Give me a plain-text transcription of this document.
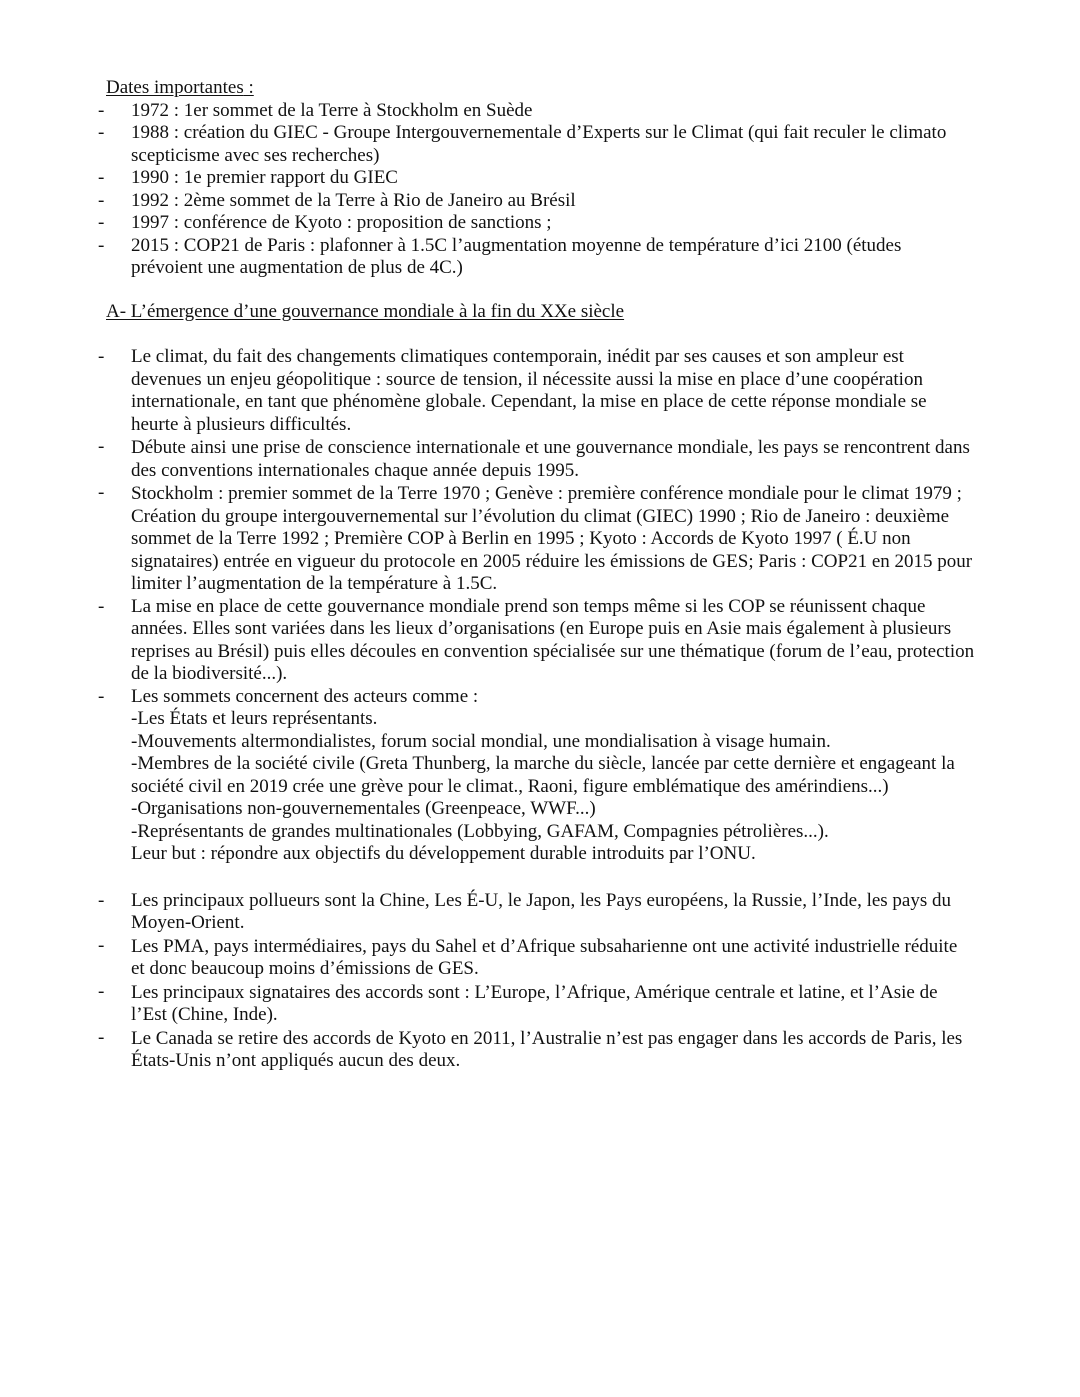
Dates importantes :
- 1972 : 1er sommet de la Terre à Stockholm en Suède
- 1988 : création du GIEC - Groupe Intergouvernementale d’Experts sur le Climat (qui fait reculer le climato scepticisme avec ses recherches)
- 1990 : 1e premier rapport du GIEC
- 1992 : 2ème sommet de la Terre à Rio de Janeiro au Brésil
- 1997 : conférence de Kyoto : proposition de sanctions ;
- 2015 : COP21 de Paris : plafonner à 1.5C l’augmentation moyenne de température d’ici 2100 (études prévoient une augmentation de plus de 4C.)
A- L’émergence d’une gouvernance mondiale à la fin du XXe siècle
- Le climat, du fait des changements climatiques contemporain, inédit par ses causes et son ampleur est devenues un enjeu géopolitique : source de tension, il nécessite aussi la mise en place d’une coopération internationale, en tant que phénomène globale. Cependant, la mise en place de cette réponse mondiale se heurte à plusieurs difficultés.
- Débute ainsi une prise de conscience internationale et une gouvernance mondiale, les pays se rencontrent dans des conventions internationales chaque année depuis 1995.
- Stockholm : premier sommet de la Terre 1970 ; Genève : première conférence mondiale pour le climat 1979 ; Création du groupe intergouvernemental sur l’évolution du climat (GIEC) 1990 ; Rio de Janeiro : deuxième sommet de la Terre 1992 ; Première COP à Berlin en 1995 ; Kyoto : Accords de Kyoto 1997 ( É.U non signataires) entrée en vigueur du protocole en 2005 réduire les émissions de GES; Paris : COP21 en 2015 pour limiter l’augmentation de la température à 1.5C.
- La mise en place de cette gouvernance mondiale prend son temps même si les COP se réunissent chaque années. Elles sont variées dans les lieux d’organisations (en Europe puis en Asie mais également à plusieurs reprises au Brésil) puis elles découles en convention spécialisée sur une thématique (forum de l’eau, protection de la biodiversité...).
- Les sommets concernent des acteurs comme :
-Les États et leurs représentants.
-Mouvements altermondialistes, forum social mondial, une mondialisation à visage humain.
-Membres de la société civile (Greta Thunberg, la marche du siècle, lancée par cette dernière et engageant la société civil en 2019 crée une grève pour le climat., Raoni, figure emblématique des amérindiens...)
-Organisations non-gouvernementales (Greenpeace, WWF...)
-Représentants de grandes multinationales (Lobbying, GAFAM, Compagnies pétrolières...).
Leur but : répondre aux objectifs du développement durable introduits par l’ONU.
- Les principaux pollueurs sont la Chine, Les É-U, le Japon, les Pays européens, la Russie, l’Inde, les pays du Moyen-Orient.
- Les PMA, pays intermédiaires, pays du Sahel et d’Afrique subsaharienne ont une activité industrielle réduite et donc beaucoup moins d’émissions de GES.
- Les principaux signataires des accords sont : L’Europe, l’Afrique, Amérique centrale et latine, et l’Asie de l’Est (Chine, Inde).
- Le Canada se retire des accords de Kyoto en 2011, l’Australie n’est pas engager dans les accords de Paris, les États-Unis n’ont appliqués aucun des deux.
